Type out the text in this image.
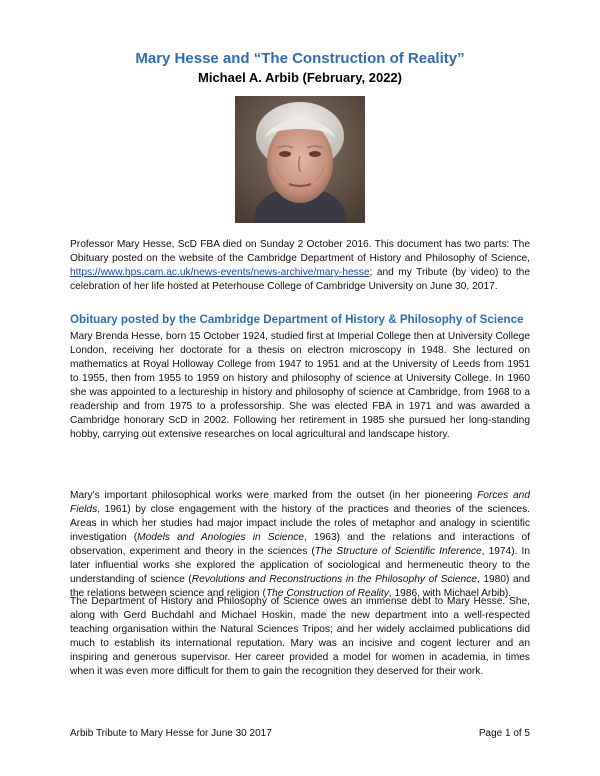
Mary Hesse and “The Construction of Reality”
Michael A. Arbib (February, 2022)

Professor Mary Hesse, ScD FBA died on Sunday 2 October 2016. This document has two parts: The Obituary posted on the website of the Cambridge Department of History and Philosophy of Science, https://www.hps.cam.ac.uk/news-events/news-archive/mary-hesse; and my Tribute (by video) to the celebration of her life hosted at Peterhouse College of Cambridge University on June 30, 2017.

Obituary posted by the Cambridge Department of History & Philosophy of Science

Mary Brenda Hesse, born 15 October 1924, studied first at Imperial College then at University College London, receiving her doctorate for a thesis on electron microscopy in 1948. She lectured on mathematics at Royal Holloway College from 1947 to 1951 and at the University of Leeds from 1951 to 1955, then from 1955 to 1959 on history and philosophy of science at University College. In 1960 she was appointed to a lectureship in history and philosophy of science at Cambridge, from 1968 to a readership and from 1975 to a professorship. She was elected FBA in 1971 and was awarded a Cambridge honorary ScD in 2002. Following her retirement in 1985 she pursued her long-standing hobby, carrying out extensive researches on local agricultural and landscape history.

Mary's important philosophical works were marked from the outset (in her pioneering Forces and Fields, 1961) by close engagement with the history of the practices and theories of the sciences. Areas in which her studies had major impact include the roles of metaphor and analogy in scientific investigation (Models and Anologies in Science, 1963) and the relations and interactions of observation, experiment and theory in the sciences (The Structure of Scientific Inference, 1974). In later influential works she explored the application of sociological and hermeneutic theory to the understanding of science (Revolutions and Reconstructions in the Philosophy of Science, 1980) and the relations between science and religion (The Construction of Reality, 1986, with Michael Arbib).

The Department of History and Philosophy of Science owes an immense debt to Mary Hesse. She, along with Gerd Buchdahl and Michael Hoskin, made the new department into a well-respected teaching organisation within the Natural Sciences Tripos; and her widely acclaimed publications did much to establish its international reputation. Mary was an incisive and cogent lecturer and an inspiring and generous supervisor. Her career provided a model for women in academia, in times when it was even more difficult for them to gain the recognition they deserved for their work.

Arbib Tribute to Mary Hesse for June 30 2017	Page 1 of 5
